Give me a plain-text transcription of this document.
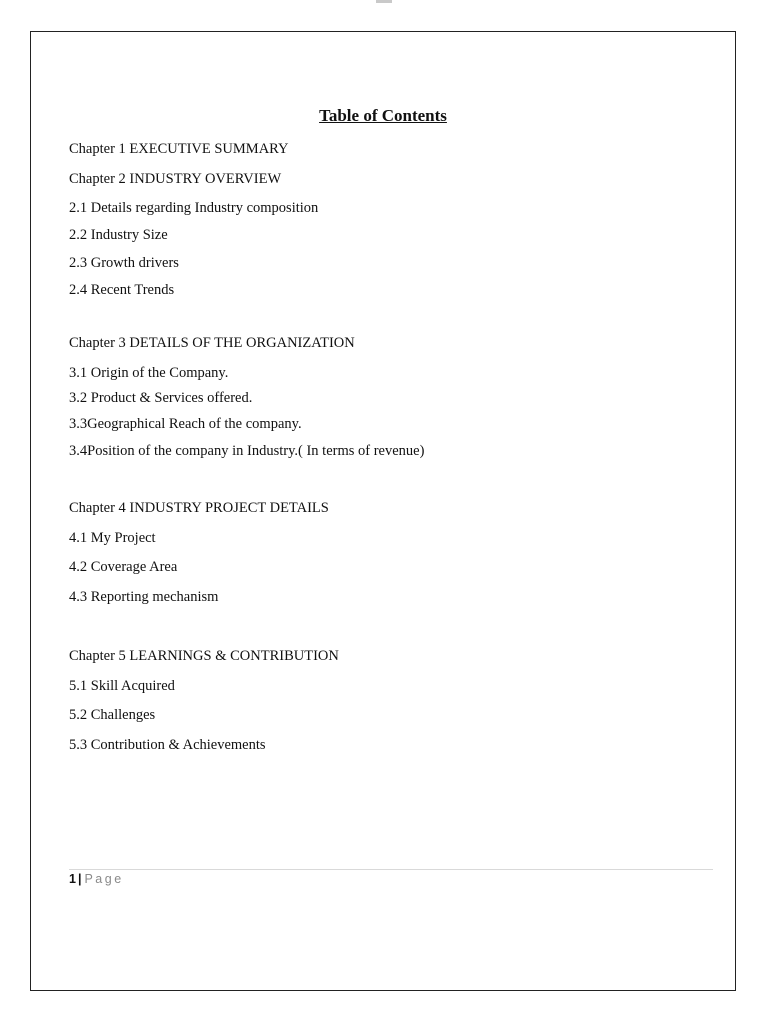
Table of Contents
Chapter 1 EXECUTIVE SUMMARY
Chapter 2 INDUSTRY OVERVIEW
2.1 Details regarding Industry composition
2.2 Industry Size
2.3 Growth drivers
2.4 Recent Trends
Chapter 3 DETAILS OF THE ORGANIZATION
3.1 Origin of the Company.
3.2 Product & Services offered.
3.3Geographical Reach of the company.
3.4Position of the company in Industry.( In terms of revenue)
Chapter 4 INDUSTRY PROJECT DETAILS
4.1 My Project
4.2 Coverage Area
4.3 Reporting mechanism
Chapter 5 LEARNINGS & CONTRIBUTION
5.1 Skill Acquired
5.2 Challenges
5.3 Contribution & Achievements
1 | Page
